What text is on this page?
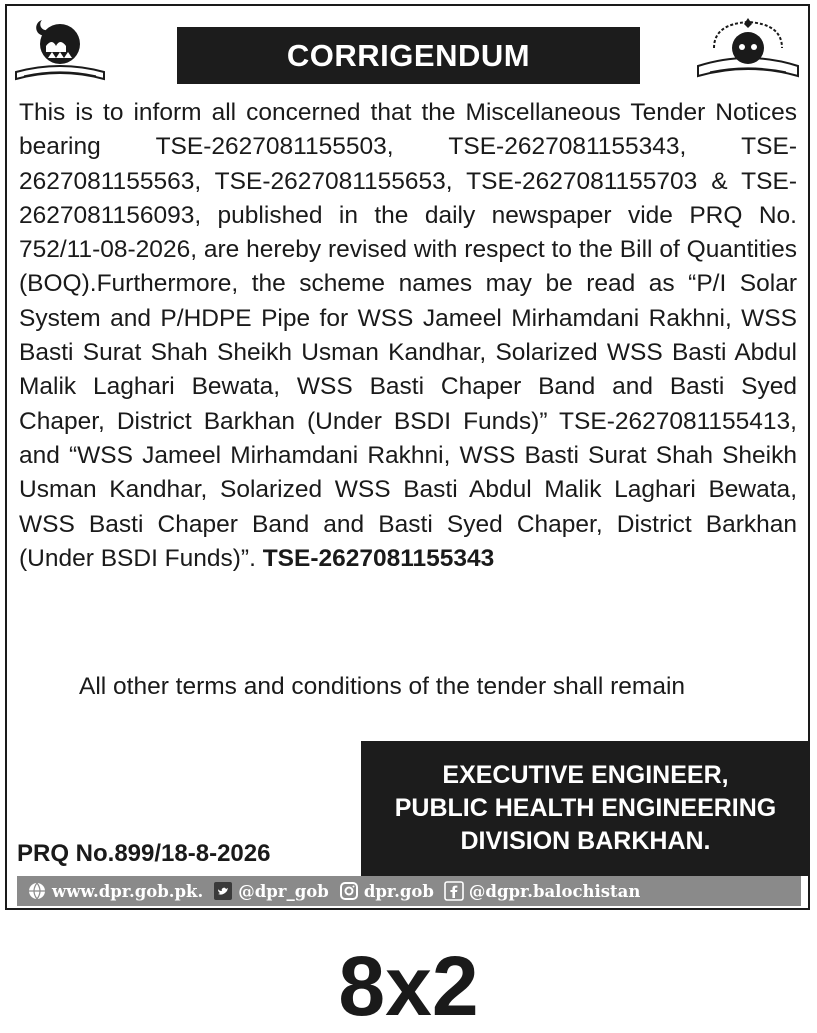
CORRIGENDUM

This is to inform all concerned that the Miscellaneous Tender Notices bearing TSE-2627081155503, TSE-2627081155343, TSE-2627081155563, TSE-2627081155653, TSE-2627081155703 & TSE-2627081156093, published in the daily newspaper vide PRQ No. 752/11-08-2026, are hereby revised with respect to the Bill of Quantities (BOQ).Furthermore, the scheme names may be read as “P/I Solar System and P/HDPE Pipe for WSS Jameel Mirhamdani Rakhni, WSS Basti Surat Shah Sheikh Usman Kandhar, Solarized WSS Basti Abdul Malik Laghari Bewata, WSS Basti Chaper Band and Basti Syed Chaper, District Barkhan (Under BSDI Funds)” TSE-2627081155413, and “WSS Jameel Mirhamdani Rakhni, WSS Basti Surat Shah Sheikh Usman Kandhar, Solarized WSS Basti Abdul Malik Laghari Bewata, WSS Basti Chaper Band and Basti Syed Chaper, District Barkhan (Under BSDI Funds)”. TSE-2627081155343

All other terms and conditions of the tender shall remain

EXECUTIVE ENGINEER,
PUBLIC HEALTH ENGINEERING
DIVISION BARKHAN.
PRQ No.899/18-8-2026
www.dpr.gob.pk. @dpr_gob dpr.gob @dgpr.balochistan
8x2
